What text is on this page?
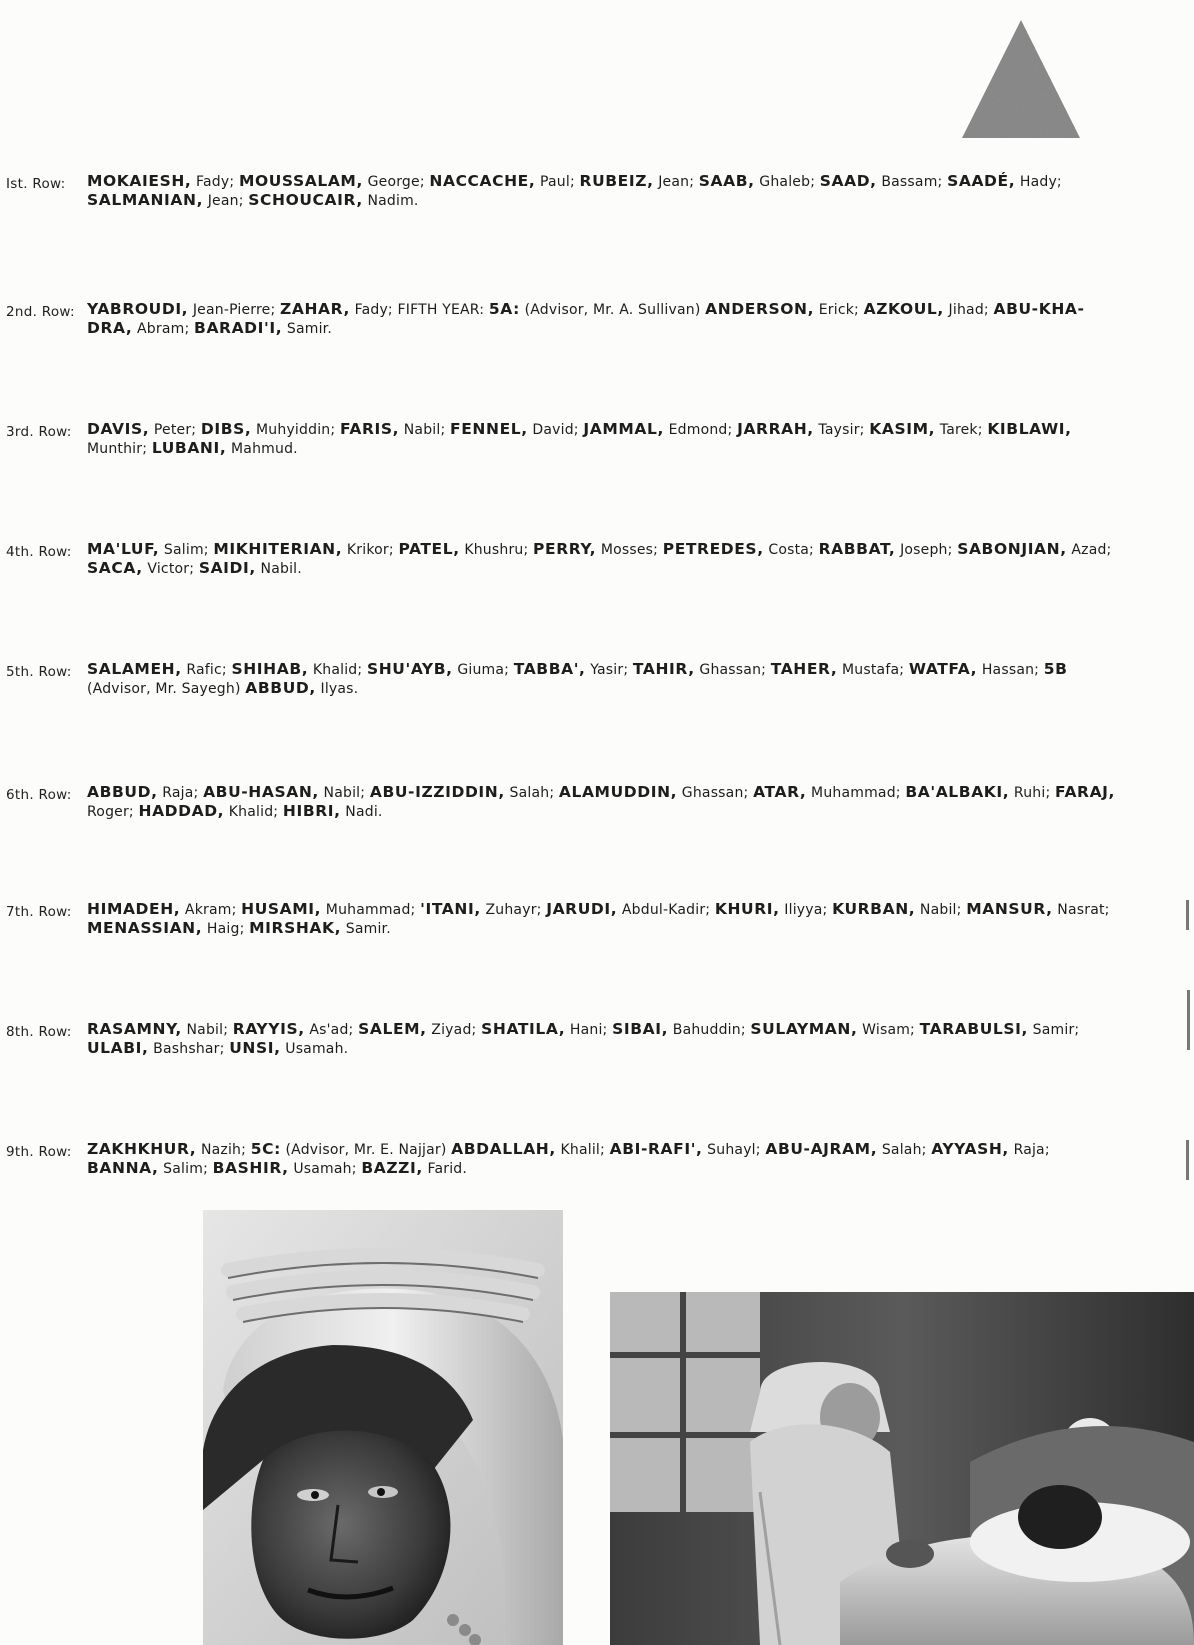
Ist. Row:	MOKAIESH, Fady; MOUSSALAM, George; NACCACHE, Paul; RUBEIZ, Jean; SAAB, Ghaleb; SAAD, Bassam; SAADÉ, Hady; SALMANIAN, Jean; SCHOUCAIR, Nadim.
2nd. Row: YABROUDI, Jean-Pierre; ZAHAR, Fady; FIFTH YEAR: 5A: (Advisor, Mr. A. Sullivan) ANDERSON, Erick; AZKOUL, Jihad; ABU-KHA-DRA, Abram; BARADI'I, Samir.
3rd. Row: DAVIS, Peter; DIBS, Muhyiddin; FARIS, Nabil; FENNEL, David; JAMMAL, Edmond; JARRAH, Taysir; KASIM, Tarek; KIBLAWI, Munthir; LUBANI, Mahmud.
4th. Row: MA'LUF, Salim; MIKHITERIAN, Krikor; PATEL, Khushru; PERRY, Mosses; PETREDES, Costa; RABBAT, Joseph; SABONJIAN, Azad; SACA, Victor; SAIDI, Nabil.
5th. Row: SALAMEH, Rafic; SHIHAB, Khalid; SHU'AYB, Giuma; TABBA', Yasir; TAHIR, Ghassan; TAHER, Mustafa; WATFA, Hassan; 5B (Advisor, Mr. Sayegh) ABBUD, Ilyas.
6th. Row: ABBUD, Raja; ABU-HASAN, Nabil; ABU-IZZIDDIN, Salah; ALAMUDDIN, Ghassan; ATAR, Muhammad; BA'ALBAKI, Ruhi; FARAJ, Roger; HADDAD, Khalid; HIBRI, Nadi.
7th. Row: HIMADEH, Akram; HUSAMI, Muhammad; 'ITANI, Zuhayr; JARUDI, Abdul-Kadir; KHURI, Iliyya; KURBAN, Nabil; MANSUR, Nasrat; MENASSIAN, Haig; MIRSHAK, Samir.
8th. Row: RASAMNY, Nabil; RAYYIS, As'ad; SALEM, Ziyad; SHATILA, Hani; SIBAI, Bahuddin; SULAYMAN, Wisam; TARABULSI, Samir; ULABI, Bashshar; UNSI, Usamah.
9th. Row: ZAKHKHUR, Nazih; 5C: (Advisor, Mr. E. Najjar) ABDALLAH, Khalil; ABI-RAFI', Suhayl; ABU-AJRAM, Salah; AYYASH, Raja; BANNA, Salim; BASHIR, Usamah; BAZZI, Farid.
